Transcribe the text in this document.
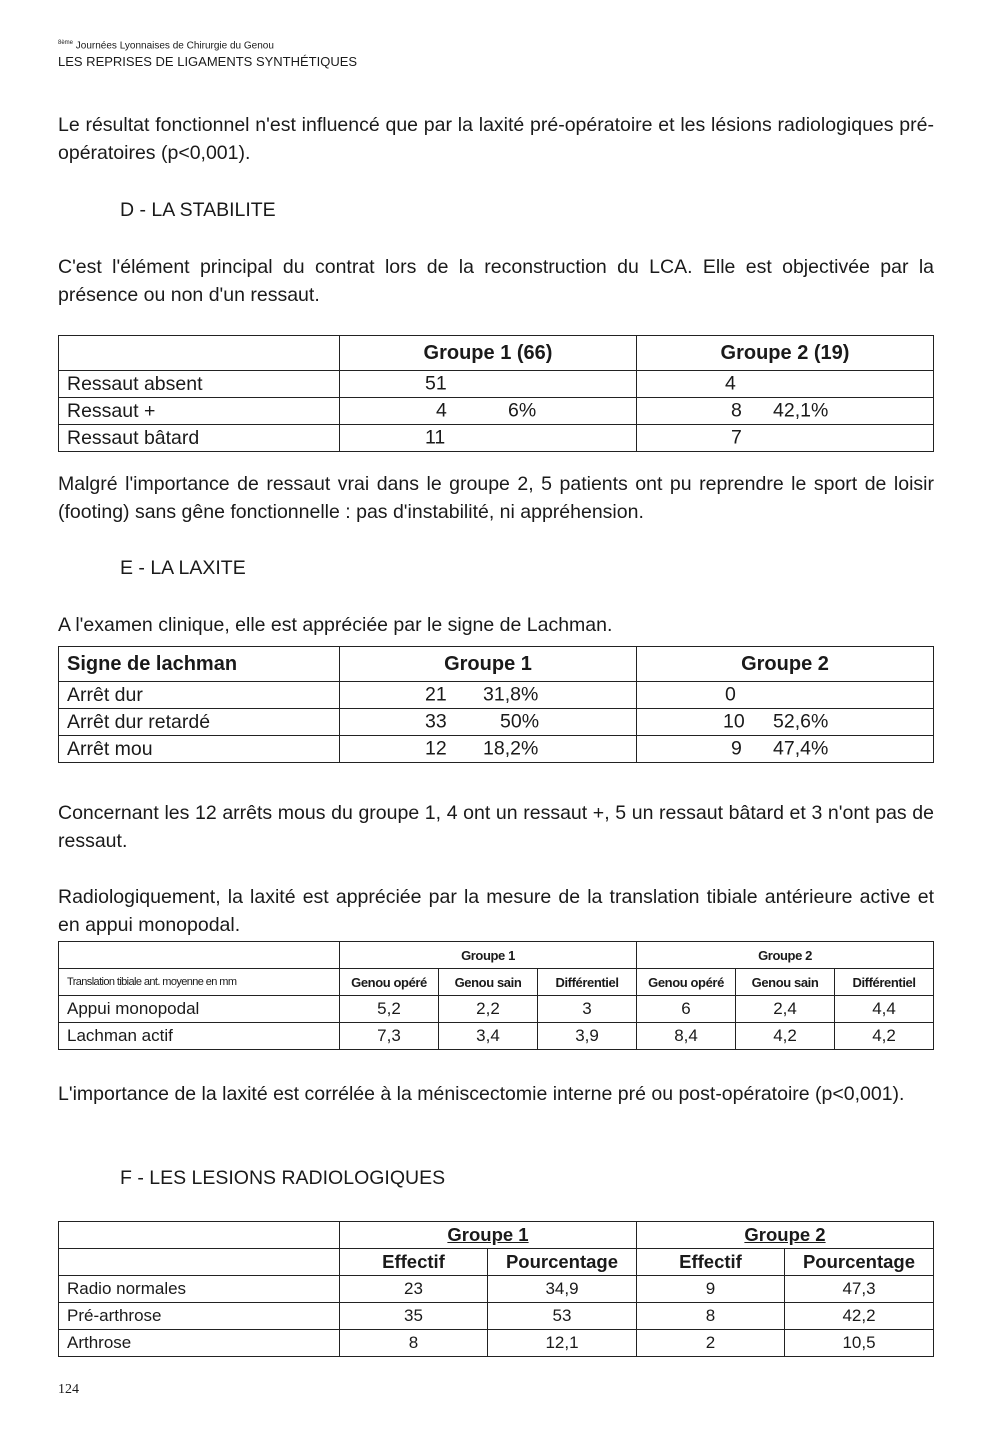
$^{8ème}$ Journées Lyonnaises de Chirurgie du Genou
LES REPRISES DE LIGAMENTS SYNTHÉTIQUES

Le résultat fonctionnel n'est influencé que par la laxité pré-opératoire et les lésions radiologiques pré-opératoires (p<0,001).

D - LA STABILITE

C'est l'élément principal du contrat lors de la reconstruction du LCA. Elle est objectivée par la présence ou non d'un ressaut.

	Groupe 1 (66)	Groupe 2 (19)
Ressaut absent	51	4

Ressaut +	4 6%	8 42,1%

Ressaut bâtard	11	7

Malgré l'importance de ressaut vrai dans le groupe 2, 5 patients ont pu reprendre le sport de loisir (footing) sans gêne fonctionnelle : pas d'instabilité, ni appréhension.

E - LA LAXITE

A l'examen clinique, elle est appréciée par le signe de Lachman.

Signe de lachman	Groupe 1	Groupe 2
Arrêt dur	21 31,8%	0

Arrêt dur retardé	33 50%	10 52,6%

Arrêt mou	12 18,2%	9 47,4%

Concernant les 12 arrêts mous du groupe 1, 4 ont un ressaut +, 5 un ressaut bâtard et 3 n'ont pas de ressaut.

Radiologiquement, la laxité est appréciée par la mesure de la translation tibiale antérieure active et en appui monopodal.

	Groupe 1			Groupe 2		
Translation tibiale ant. moyenne en mm	Genou opéré	Genou sain	Différentiel	Genou opéré	Genou sain	Différentiel
Appui monopodal	5,2	2,2	3	6	2,4	4,4
Lachman actif	7,3	3,4	3,9	8,4	4,2	4,2

L'importance de la laxité est corrélée à la méniscectomie interne pré ou post-opératoire (p<0,001).

F - LES LESIONS RADIOLOGIQUES

	Groupe 1		Groupe 2	
	Effectif	Pourcentage	Effectif	Pourcentage
Radio normales	23	34,9	9	47,3
Pré-arthrose	35	53	8	42,2
Arthrose	8	12,1	2	10,5
124
